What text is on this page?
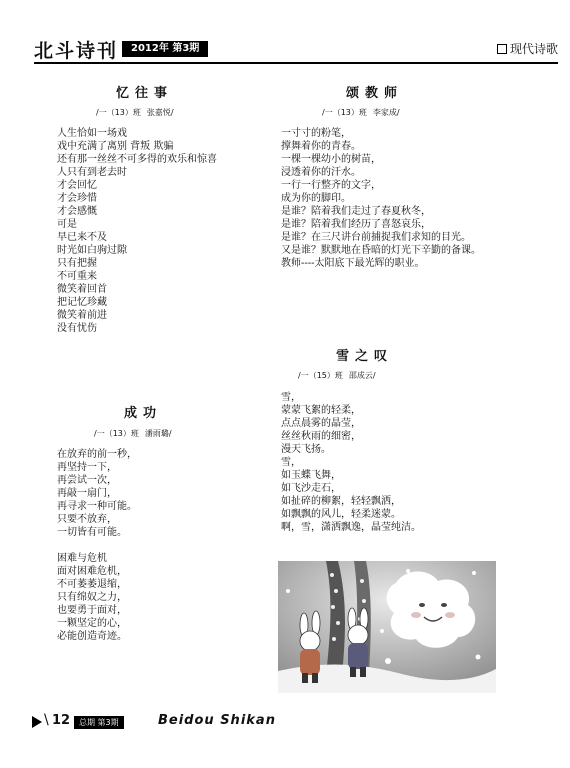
北斗诗刊	2012年 第3期	现代诗歌
忆往事
/一（13）班 张嘉悦/
人生恰如一场戏
戏中充满了离别 背叛 欺骗
还有那一丝丝不可多得的欢乐和惊喜
人只有到老去时
才会回忆
才会珍惜
才会感慨
可是
早已来不及
时光如白驹过隙
只有把握
不可重来
微笑着回首
把记忆珍藏
微笑着前进
没有忧伤
颂教师
/一（13）班 李家成/
一寸寸的粉笔，
撑舞着你的青春。
一棵一棵幼小的树苗，
浸透着你的汗水。
一行一行整齐的文字，
成为你的脚印。
是谁？陪着我们走过了春夏秋冬，
是谁？陪着我们经历了喜怒哀乐，
是谁？在三尺讲台前捕捉我们求知的目光。
又是谁？默默地在昏暗的灯光下辛勤的备课。
教师----太阳底下最光辉的职业。
成功
/一（13）班 潘雨璐/
在放弃的前一秒，
再坚持一下，
再尝试一次，
再敲一扇门，
再寻求一种可能。
只要不放弃，
一切皆有可能。
困难与危机
面对困难危机，
不可萎萎退缩，
只有绵奴之力，
也要勇于面对，
一颗坚定的心，
必能创造奇迹。
雪之叹
/一（15）班 邵成云/
雪，
蒙蒙飞絮的轻柔，
点点晨雾的晶莹，
丝丝秋雨的细密，
漫天飞扬。
雪，
如玉蝶飞舞，
如飞沙走石，
如扯碎的柳絮，轻轻飘洒，
如飘飘的风儿，轻柔迷蒙。
啊，雪，潇洒飘逸，晶莹纯洁。
\ 12	总期 第3期	Beidou Shikan
